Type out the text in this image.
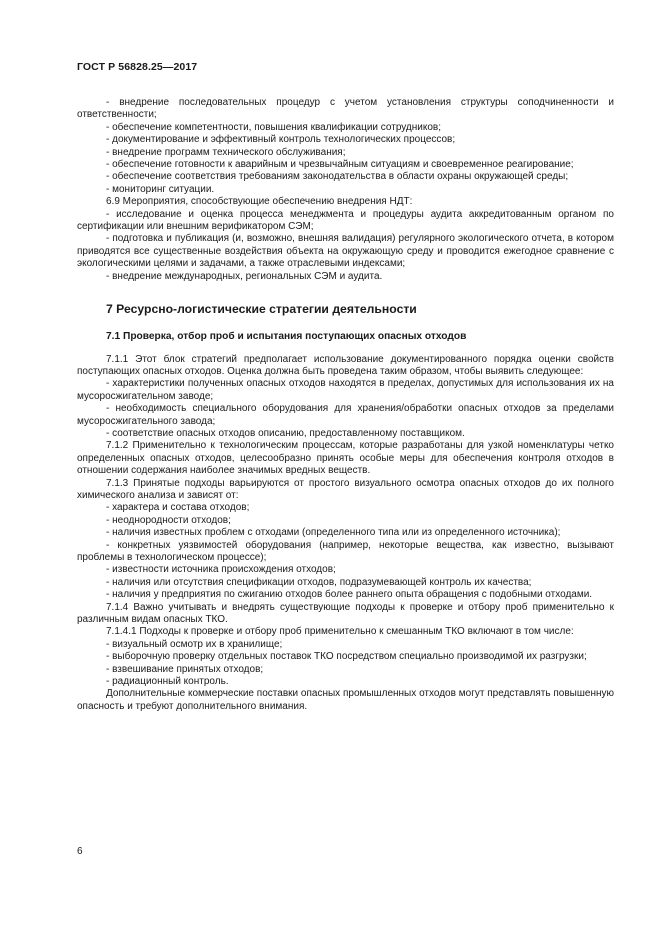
ГОСТ Р 56828.25—2017

- внедрение последовательных процедур с учетом установления структуры соподчиненности и ответственности;

- обеспечение компетентности, повышения квалификации сотрудников;

- документирование и эффективный контроль технологических процессов;

- внедрение программ технического обслуживания;

- обеспечение готовности к аварийным и чрезвычайным ситуациям и своевременное реагирование;

- обеспечение соответствия требованиям законодательства в области охраны окружающей среды;

- мониторинг ситуации.

6.9 Мероприятия, способствующие обеспечению внедрения НДТ:

- исследование и оценка процесса менеджмента и процедуры аудита аккредитованным органом по сертификации или внешним верификатором СЭМ;

- подготовка и публикация (и, возможно, внешняя валидация) регулярного экологического отчета, в котором приводятся все существенные воздействия объекта на окружающую среду и проводится ежегодное сравнение с экологическими целями и задачами, а также отраслевыми индексами;

- внедрение международных, региональных СЭМ и аудита.

7 Ресурсно-логистические стратегии деятельности
7.1 Проверка, отбор проб и испытания поступающих опасных отходов

7.1.1 Этот блок стратегий предполагает использование документированного порядка оценки свойств поступающих опасных отходов. Оценка должна быть проведена таким образом, чтобы выявить следующее:

- характеристики полученных опасных отходов находятся в пределах, допустимых для использования их на мусоросжигательном заводе;

- необходимость специального оборудования для хранения/обработки опасных отходов за пределами мусоросжигательного завода;

- соответствие опасных отходов описанию, предоставленному поставщиком.

7.1.2 Применительно к технологическим процессам, которые разработаны для узкой номенклатуры четко определенных опасных отходов, целесообразно принять особые меры для обеспечения контроля отходов в отношении содержания наиболее значимых вредных веществ.

7.1.3 Принятые подходы варьируются от простого визуального осмотра опасных отходов до их полного химического анализа и зависят от:

- характера и состава отходов;

- неоднородности отходов;

- наличия известных проблем с отходами (определенного типа или из определенного источника);

- конкретных уязвимостей оборудования (например, некоторые вещества, как известно, вызывают проблемы в технологическом процессе);

- известности источника происхождения отходов;

- наличия или отсутствия спецификации отходов, подразумевающей контроль их качества;

- наличия у предприятия по сжиганию отходов более раннего опыта обращения с подобными отходами.

7.1.4 Важно учитывать и внедрять существующие подходы к проверке и отбору проб применительно к различным видам опасных ТКО.

7.1.4.1 Подходы к проверке и отбору проб применительно к смешанным ТКО включают в том числе:

- визуальный осмотр их в хранилище;

- выборочную проверку отдельных поставок ТКО посредством специально производимой их разгрузки;

- взвешивание принятых отходов;

- радиационный контроль.

Дополнительные коммерческие поставки опасных промышленных отходов могут представлять повышенную опасность и требуют дополнительного внимания.

6
